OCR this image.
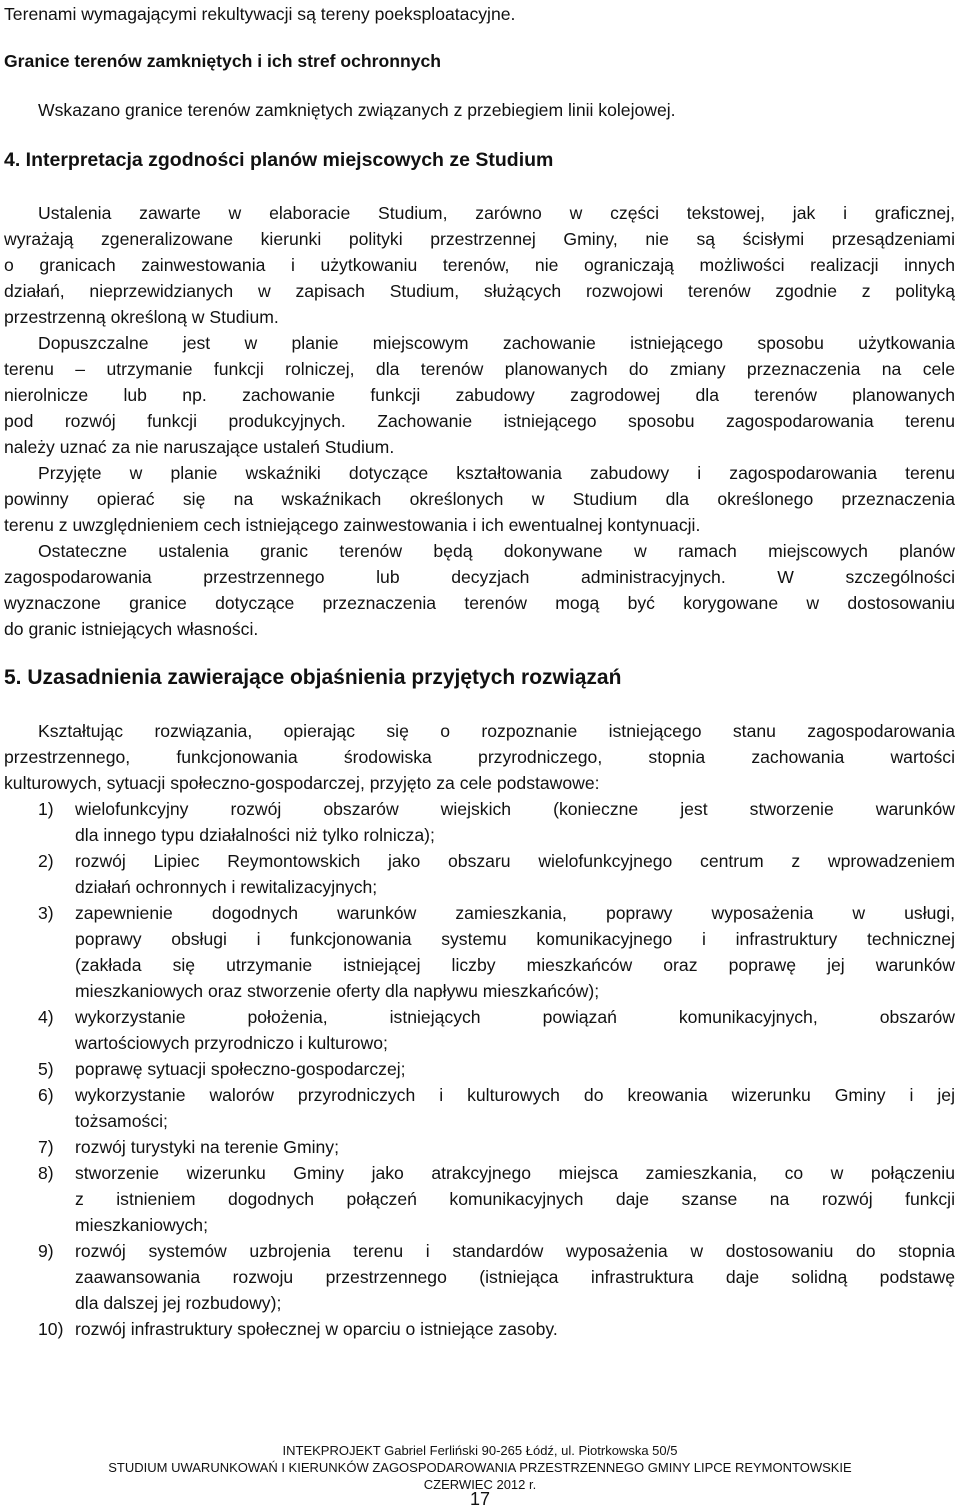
Terenami wymagającymi rekultywacji są tereny poeksploatacyjne.

Granice terenów zamkniętych i ich stref ochronnych

Wskazano granice terenów zamkniętych związanych z przebiegiem linii kolejowej.

4. Interpretacja zgodności planów miejscowych ze Studium

Ustalenia zawarte w elaboracie Studium, zarówno w części tekstowej, jak i graficznej,

wyrażają zgeneralizowane kierunki polityki przestrzennej Gminy, nie są ścisłymi przesądzeniami

o granicach zainwestowania i użytkowaniu terenów, nie ograniczają możliwości realizacji innych

działań, nieprzewidzianych w zapisach Studium, służących rozwojowi terenów zgodnie z polityką

przestrzenną określoną w Studium.

Dopuszczalne jest w planie miejscowym zachowanie istniejącego sposobu użytkowania

terenu – utrzymanie funkcji rolniczej, dla terenów planowanych do zmiany przeznaczenia na cele

nierolnicze lub np. zachowanie funkcji zabudowy zagrodowej dla terenów planowanych

pod rozwój funkcji produkcyjnych. Zachowanie istniejącego sposobu zagospodarowania terenu

należy uznać za nie naruszające ustaleń Studium.

Przyjęte w planie wskaźniki dotyczące kształtowania zabudowy i zagospodarowania terenu

powinny opierać się na wskaźnikach określonych w Studium dla określonego przeznaczenia

terenu z uwzględnieniem cech istniejącego zainwestowania i ich ewentualnej kontynuacji.

Ostateczne ustalenia granic terenów będą dokonywane w ramach miejscowych planów

zagospodarowania przestrzennego lub decyzjach administracyjnych. W szczególności

wyznaczone granice dotyczące przeznaczenia terenów mogą być korygowane w dostosowaniu

do granic istniejących własności.

5. Uzasadnienia zawierające objaśnienia przyjętych rozwiązań

Kształtując rozwiązania, opierając się o rozpoznanie istniejącego stanu zagospodarowania

przestrzennego, funkcjonowania środowiska przyrodniczego, stopnia zachowania wartości

kulturowych, sytuacji społeczno-gospodarczej, przyjęto za cele podstawowe:

1) wielofunkcyjny rozwój obszarów wiejskich (konieczne jest stworzenie warunków
dla innego typu działalności niż tylko rolnicza);
2) rozwój Lipiec Reymontowskich jako obszaru wielofunkcyjnego centrum z wprowadzeniem
działań ochronnych i rewitalizacyjnych;
3) zapewnienie dogodnych warunków zamieszkania, poprawy wyposażenia w usługi,
poprawy obsługi i funkcjonowania systemu komunikacyjnego i infrastruktury technicznej
(zakłada się utrzymanie istniejącej liczby mieszkańców oraz poprawę jej warunków
mieszkaniowych oraz stworzenie oferty dla napływu mieszkańców);
4) wykorzystanie położenia, istniejących powiązań komunikacyjnych, obszarów
wartościowych przyrodniczo i kulturowo;
5) poprawę sytuacji społeczno-gospodarczej;
6) wykorzystanie walorów przyrodniczych i kulturowych do kreowania wizerunku Gminy i jej
tożsamości;
7) rozwój turystyki na terenie Gminy;
8) stworzenie wizerunku Gminy jako atrakcyjnego miejsca zamieszkania, co w połączeniu
z istnieniem dogodnych połączeń komunikacyjnych daje szanse na rozwój funkcji
mieszkaniowych;
9) rozwój systemów uzbrojenia terenu i standardów wyposażenia w dostosowaniu do stopnia
zaawansowania rozwoju przestrzennego (istniejąca infrastruktura daje solidną podstawę
dla dalszej jej rozbudowy);
10) rozwój infrastruktury społecznej w oparciu o istniejące zasoby.
INTEKPROJEKT Gabriel Ferliński 90-265 Łódź, ul. Piotrkowska 50/5
STUDIUM UWARUNKOWAŃ I KIERUNKÓW ZAGOSPODAROWANIA PRZESTRZENNEGO GMINY LIPCE REYMONTOWSKIE
CZERWIEC 2012 r.
17
